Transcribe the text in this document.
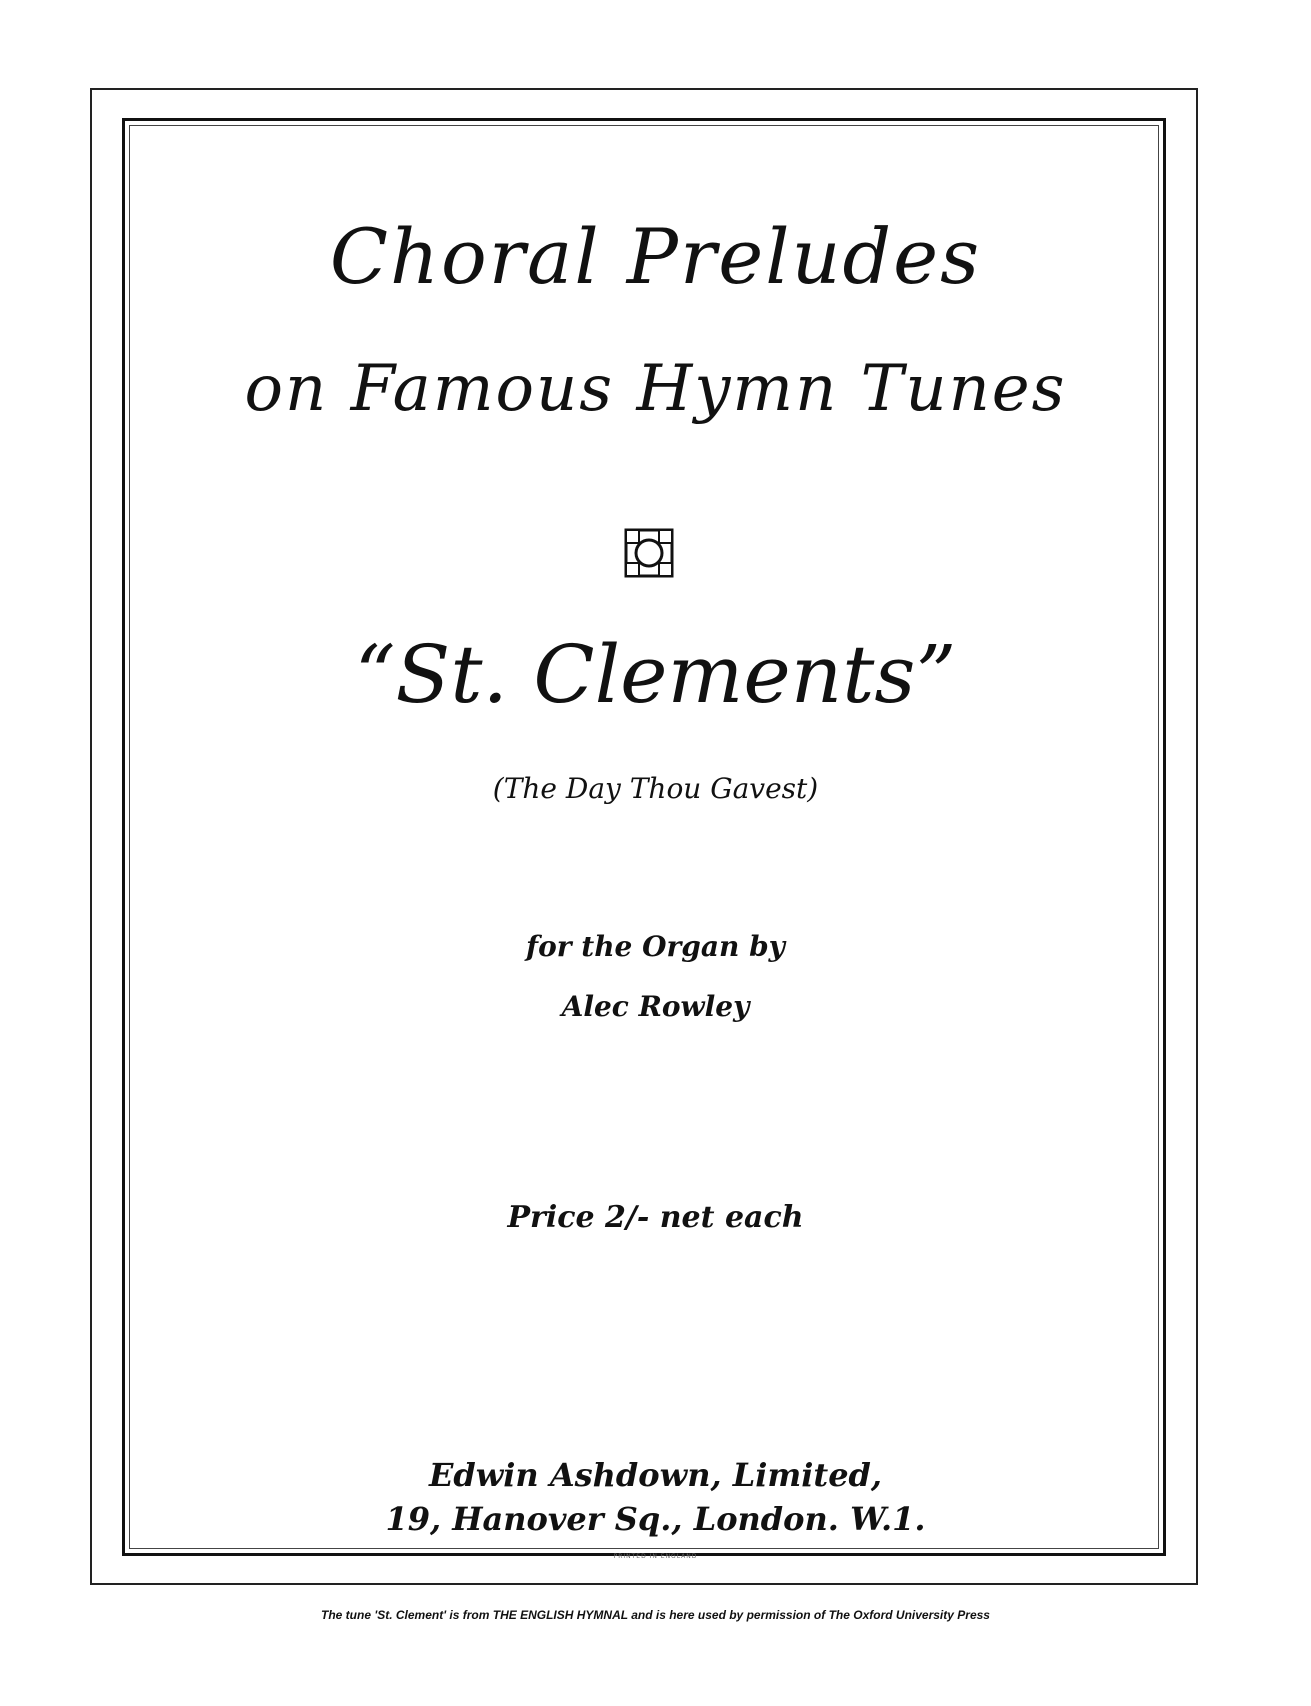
Choral Preludes
on Famous Hymn Tunes
“St. Clements”
(The Day Thou Gavest)
for the Organ by
Alec Rowley
Price 2/- net each
Edwin Ashdown, Limited,
19, Hanover Sq., London. W.1.
PRINTED IN ENGLAND
The tune 'St. Clement' is from THE ENGLISH HYMNAL and is here used by permission of The Oxford University Press
